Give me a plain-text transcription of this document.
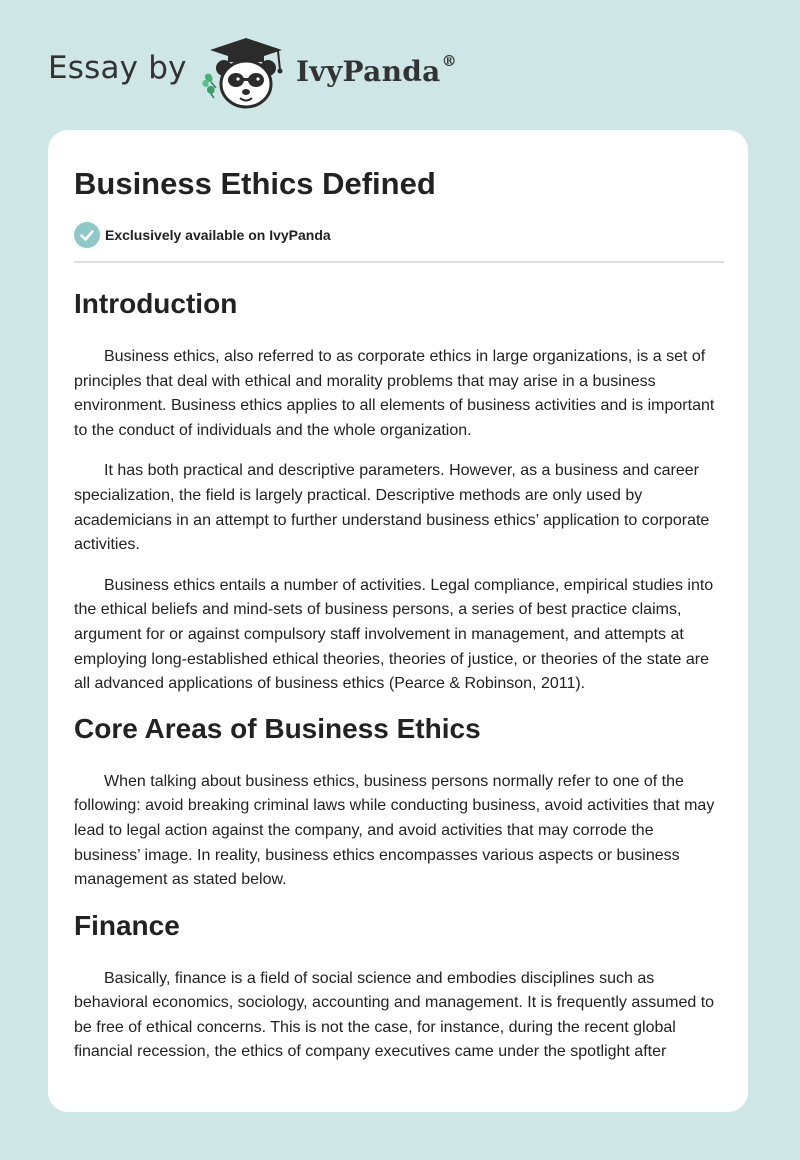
Essay by	IvyPanda®
Business Ethics Defined
Exclusively available on IvyPanda
Introduction

Business ethics, also referred to as corporate ethics in large organizations, is a set of principles that deal with ethical and morality problems that may arise in a business environment. Business ethics applies to all elements of business activities and is important to the conduct of individuals and the whole organization.

It has both practical and descriptive parameters. However, as a business and career specialization, the field is largely practical. Descriptive methods are only used by academicians in an attempt to further understand business ethics’ application to corporate activities.

Business ethics entails a number of activities. Legal compliance, empirical studies into the ethical beliefs and mind-sets of business persons, a series of best practice claims, argument for or against compulsory staff involvement in management, and attempts at employing long-established ethical theories, theories of justice, or theories of the state are all advanced applications of business ethics (Pearce & Robinson, 2011).

Core Areas of Business Ethics

When talking about business ethics, business persons normally refer to one of the following: avoid breaking criminal laws while conducting business, avoid activities that may lead to legal action against the company, and avoid activities that may corrode the business’ image. In reality, business ethics encompasses various aspects or business management as stated below.

Finance

Basically, finance is a field of social science and embodies disciplines such as behavioral economics, sociology, accounting and management. It is frequently assumed to be free of ethical concerns. This is not the case, for instance, during the recent global financial recession, the ethics of company executives came under the spotlight after
